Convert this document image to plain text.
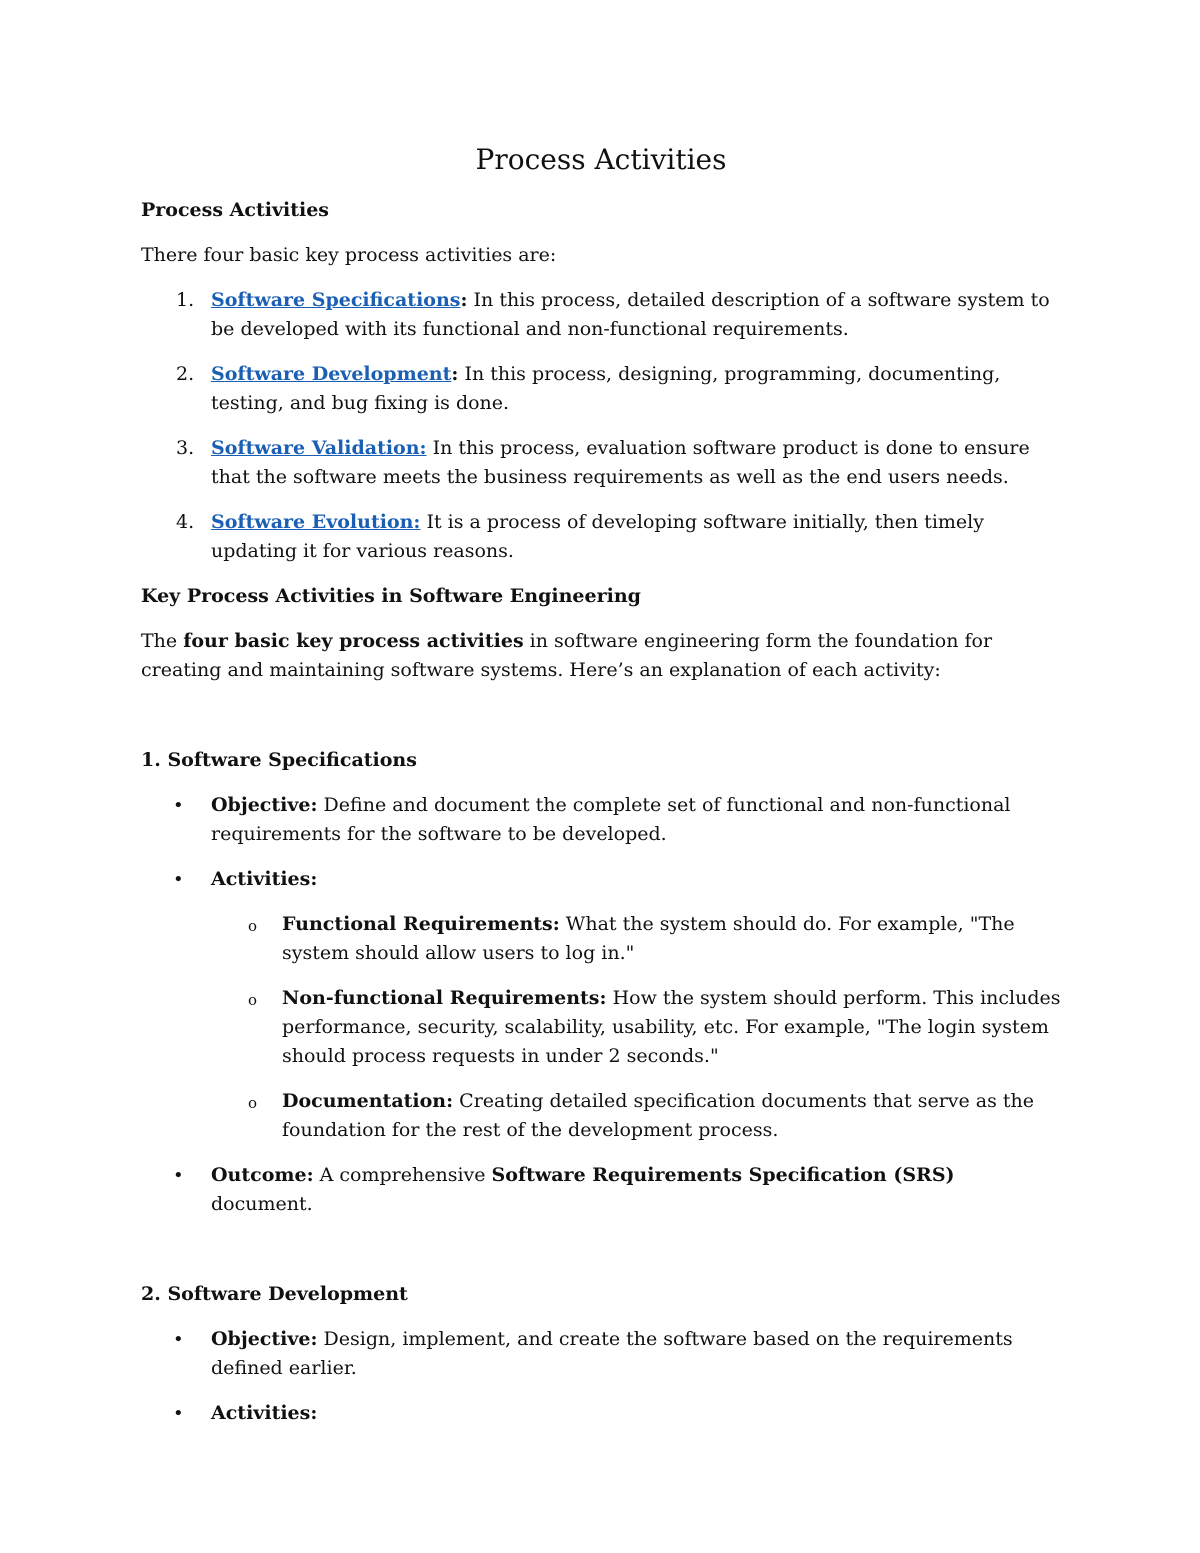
Process Activities

Process Activities

There four basic key process activities are:

1. Software Specifications: In this process, detailed description of a software system to be developed with its functional and non-functional requirements.
2. Software Development: In this process, designing, programming, documenting, testing, and bug fixing is done.
3. Software Validation: In this process, evaluation software product is done to ensure that the software meets the business requirements as well as the end users needs.
4. Software Evolution: It is a process of developing software initially, then timely updating it for various reasons.

Key Process Activities in Software Engineering

The four basic key process activities in software engineering form the foundation for creating and maintaining software systems. Here’s an explanation of each activity:

1. Software Specifications

• Objective: Define and document the complete set of functional and non-functional requirements for the software to be developed.
• Activities:
o Functional Requirements: What the system should do. For example, "The system should allow users to log in."
o Non-functional Requirements: How the system should perform. This includes performance, security, scalability, usability, etc. For example, "The login system should process requests in under 2 seconds."
o Documentation: Creating detailed specification documents that serve as the foundation for the rest of the development process.
• Outcome: A comprehensive Software Requirements Specification (SRS) document.

2. Software Development

• Objective: Design, implement, and create the software based on the requirements defined earlier.
• Activities:
